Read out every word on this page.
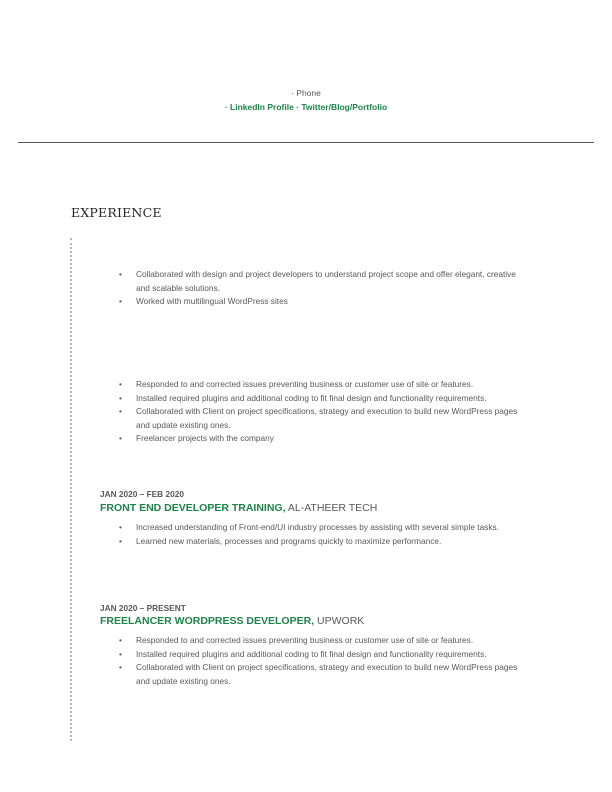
· Phone
· LinkedIn Profile · Twitter/Blog/Portfolio
EXPERIENCE
• Collaborated with design and project developers to understand project scope and offer elegant, creative and scalable solutions.
• Worked with multilingual WordPress sites
• Responded to and corrected issues preventing business or customer use of site or features.
• Installed required plugins and additional coding to fit final design and functionality requirements.
• Collaborated with Client on project specifications, strategy and execution to build new WordPress pages and update existing ones.
• Freelancer projects with the company
JAN 2020 – FEB 2020
FRONT END DEVELOPER TRAINING, AL-ATHEER TECH
• Increased understanding of Front-end/UI industry processes by assisting with several simple tasks.
• Learned new materials, processes and programs quickly to maximize performance.
JAN 2020 – PRESENT
FREELANCER WORDPRESS DEVELOPER, UPWORK
• Responded to and corrected issues preventing business or customer use of site or features.
• Installed required plugins and additional coding to fit final design and functionality requirements.
• Collaborated with Client on project specifications, strategy and execution to build new WordPress pages and update existing ones.
